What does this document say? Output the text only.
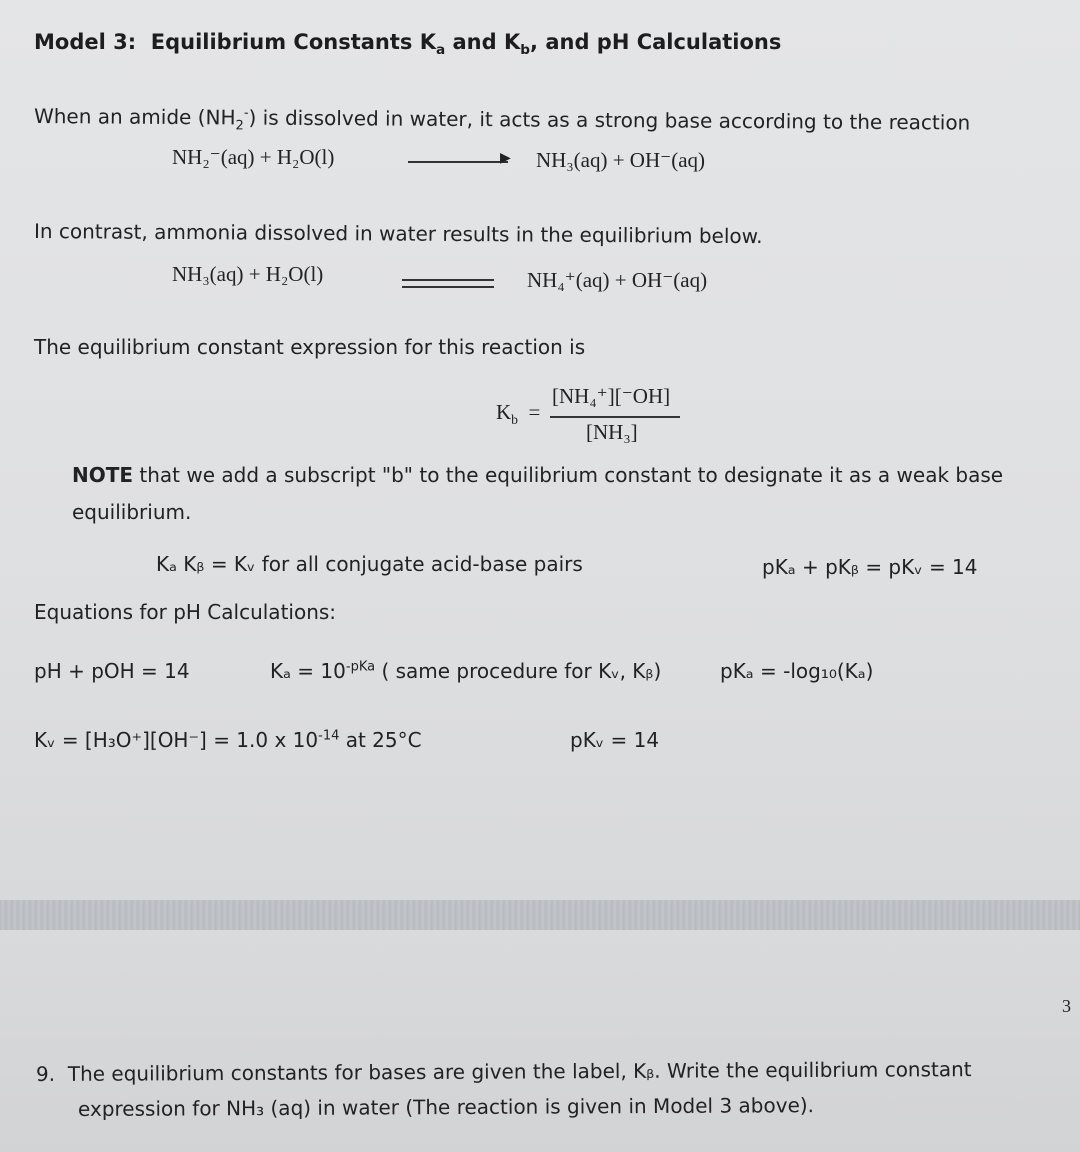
Model 3: Equilibrium Constants $K_a$ and $K_b$, and pH Calculations
When an amide $(NH_2^-)$ is dissolved in water, it acts as a strong base according to the reaction
NH₂⁻(aq) + H₂O(l)	▶ NH₃(aq) + OH⁻(aq)
In contrast, ammonia dissolved in water results in the equilibrium below.
NH₃(aq) + H₂O(l)	NH₄⁺(aq) + OH⁻(aq)
The equilibrium constant expression for this reaction is
$K_b$ =
[NH₄⁺][⁻OH]
[NH₃]
NOTE that we add a subscript "b" to the equilibrium constant to designate it as a weak base
equilibrium.
Kₐ Kᵦ = Kᵥ for all conjugate acid-base pairs	pKₐ + pKᵦ = pKᵥ = 14
Equations for pH Calculations:
pH + pOH = 14	$K_a = 10^{-pKa}$ ( same procedure for Kᵥ, Kᵦ)	pKₐ = -log₁₀(Kₐ)
Kᵥ = [H₃O⁺][OH⁻] = 1.0 x $10^{-14}$ at 25°C	pKᵥ = 14
3
9. The equilibrium constants for bases are given the label, Kᵦ. Write the equilibrium constant
expression for NH₃ (aq) in water (The reaction is given in Model 3 above).
